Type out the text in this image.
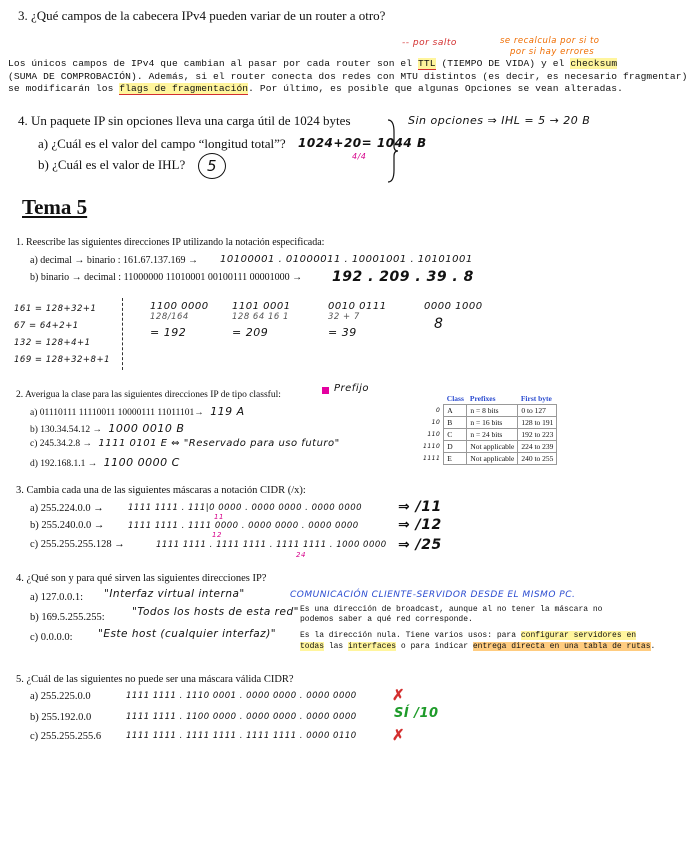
3. ¿Qué campos de la cabecera IPv4 pueden variar de un router a otro?
-- por salto	se recalcula por si to
por si hay errores
Los únicos campos de IPv4 que cambian al pasar por cada router son el TTL (TIEMPO DE VIDA) y el checksum
(SUMA DE COMPROBACIÓN). Además, si el router conecta dos redes con MTU distintos (es decir, es necesario fragmentar)
se modificarán los flags de fragmentación. Por último, es posible que algunas Opciones se vean alteradas.
4. Un paquete IP sin opciones lleva una carga útil de 1024 bytes
a) ¿Cuál es el valor del campo “longitud total”? 1024+20= 1044 B
4/4
b) ¿Cuál es el valor de IHL?	5
Sin opciones ⇒ IHL = 5 → 20 B
Tema 5
1. Reescribe las siguientes direcciones IP utilizando la notación especificada:
a) decimal → binario : 161.67.137.169 → 10100001 . 01000011 . 10001001 . 10101001
b) binario → decimal : 11000000 11010001 00100111 00001000 → 192 . 209 . 39 . 8
161 = 128+32+1
67 = 64+2+1
132 = 128+4+1
169 = 128+32+8+1
1100 0000
128/164
= 192
1101 0001
128 64 16 1
= 209
0010 0111
32 + 7
= 39
0000 1000
8
2. Averigua la clase para las siguientes direcciones IP de tipo classful:
Prefijo
a) 01110111 11110011 10000111 11011101→ 119 A
b) 130.34.54.12 → 1000 0010 B
c) 245.34.2.8 → 1111 0101 E ⇔ "Reservado para uso futuro"
d) 192.168.1.1 → 1100 0000 C
	Class	Prefixes	First byte
0	A	n = 8 bits	0 to 127
10	B	n = 16 bits	128 to 191
110	C	n = 24 bits	192 to 223
1110	D	Not applicable	224 to 239
1111	E	Not applicable	240 to 255
3. Cambia cada una de las siguientes máscaras a notación CIDR (/x):
a) 255.224.0.0 →	1111 1111 . 111|0 0000 . 0000 0000 . 0000 0000	⇒ /11
11
b) 255.240.0.0 →	1111 1111 . 1111 0000 . 0000 0000 . 0000 0000	⇒ /12
12
c) 255.255.255.128 →	1111 1111 . 1111 1111 . 1111 1111 . 1000 0000 ⇒ /25
24
4. ¿Qué son y para qué sirven las siguientes direcciones IP?
a) 127.0.0.1: "Interfaz virtual interna"	COMUNICACIÓN CLIENTE-SERVIDOR DESDE EL MISMO PC.
b) 169.5.255.255:	"Todos los hosts de esta red" Es una dirección de broadcast, aunque al no tener la máscara no
podemos saber a qué red corresponde.
c) 0.0.0.0: "Este host (cualquier interfaz)"	Es la dirección nula. Tiene varios usos: para configurar servidores en
todas las interfaces o para indicar entrega directa en una tabla de rutas.
5. ¿Cuál de las siguientes no puede ser una máscara válida CIDR?
a) 255.225.0.0	1111 1111 . 1110 0001 . 0000 0000 . 0000 0000 ✗
b) 255.192.0.0	1111 1111 . 1100 0000 . 0000 0000 . 0000 0000	SÍ /10
c) 255.255.255.6	1111 1111 . 1111 1111 . 1111 1111 . 0000 0110 ✗
